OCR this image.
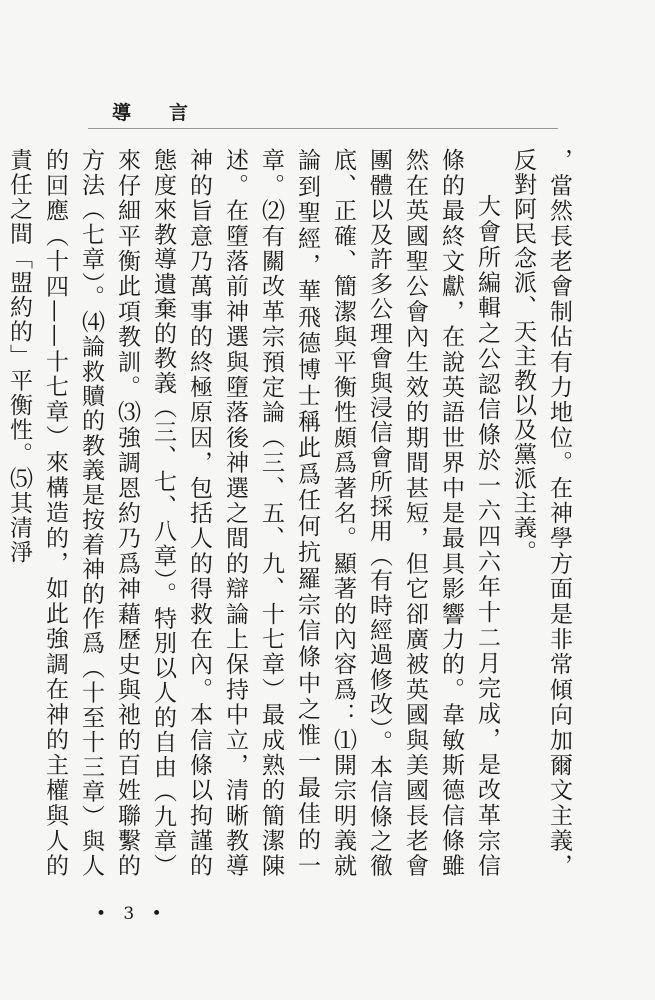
導言

，當然長老會制佔有力地位。在神學方面是非常傾向加爾文主義，反對阿民念派、天主教以及黨派主義。

大會所編輯之公認信條於一六四六年十二月完成，是改革宗信條的最終文獻，在說英語世界中是最具影響力的。韋敏斯德信條雖然在英國聖公會內生效的期間甚短，但它卻廣被英國與美國長老會團體以及許多公理會與浸信會所採用（有時經過修改）。本信條之徹底、正確、簡潔與平衡性頗爲著名。顯著的內容爲：⑴開宗明義就論到聖經，華飛德博士稱此爲任何抗羅宗信條中之惟一最佳的一章。⑵有關改革宗預定論（三、五、九、十七章）最成熟的簡潔陳述。在墮落前神選與墮落後神選之間的辯論上保持中立，清晰教導神的旨意乃萬事的終極原因，包括人的得救在內。本信條以拘謹的態度來教導遺棄的教義（三、七、八章）。特別以人的自由（九章）來仔細平衡此項教訓。⑶強調恩約乃爲神藉歷史與祂的百姓聯繫的方法（七章）。⑷論救贖的教義是按着神的作爲（十至十三章）與人的回應（十四——十七章）來構造的，如此強調在神的主權與人的責任之間「盟約的」平衡性。⑸其清淨

• 3 •
